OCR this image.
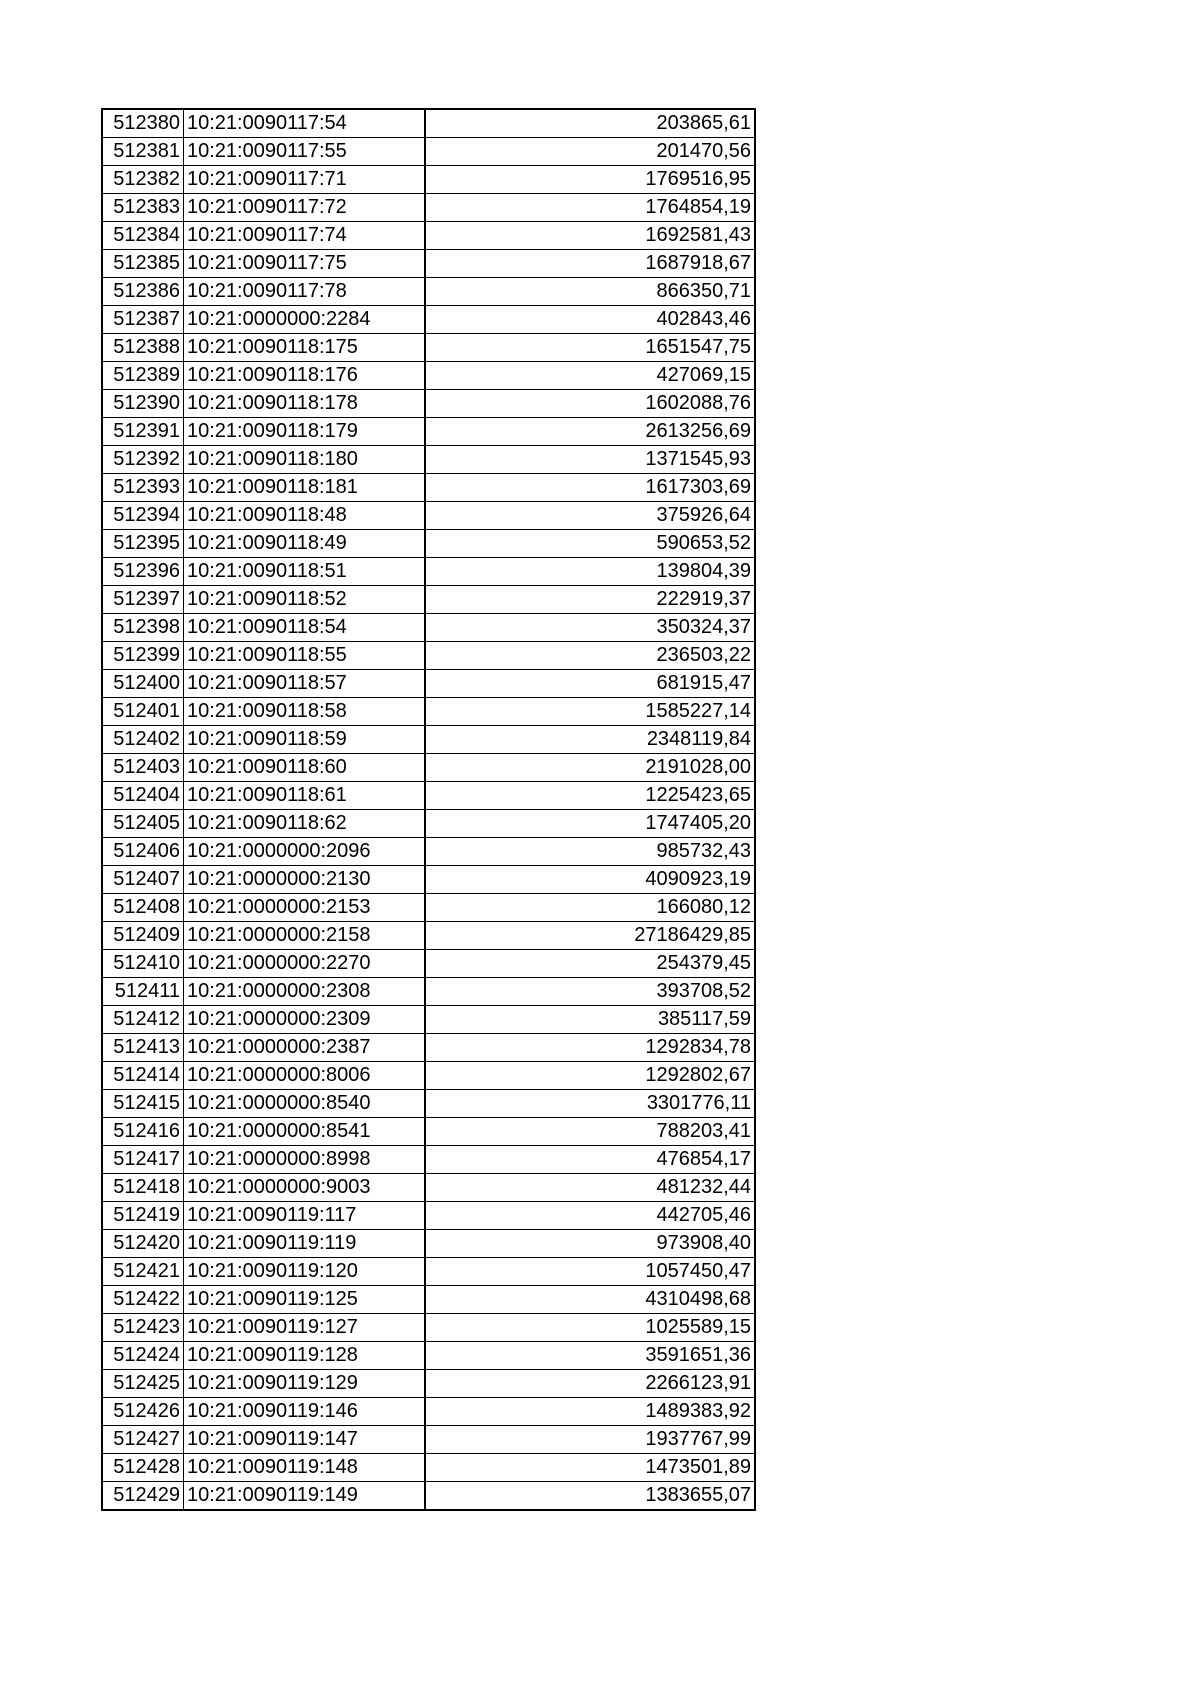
512380	10:21:0090117:54	203865,61
512381	10:21:0090117:55	201470,56
512382	10:21:0090117:71	1769516,95
512383	10:21:0090117:72	1764854,19
512384	10:21:0090117:74	1692581,43
512385	10:21:0090117:75	1687918,67
512386	10:21:0090117:78	866350,71
512387	10:21:0000000:2284	402843,46
512388	10:21:0090118:175	1651547,75
512389	10:21:0090118:176	427069,15
512390	10:21:0090118:178	1602088,76
512391	10:21:0090118:179	2613256,69
512392	10:21:0090118:180	1371545,93
512393	10:21:0090118:181	1617303,69
512394	10:21:0090118:48	375926,64
512395	10:21:0090118:49	590653,52
512396	10:21:0090118:51	139804,39
512397	10:21:0090118:52	222919,37
512398	10:21:0090118:54	350324,37
512399	10:21:0090118:55	236503,22
512400	10:21:0090118:57	681915,47
512401	10:21:0090118:58	1585227,14
512402	10:21:0090118:59	2348119,84
512403	10:21:0090118:60	2191028,00
512404	10:21:0090118:61	1225423,65
512405	10:21:0090118:62	1747405,20
512406	10:21:0000000:2096	985732,43
512407	10:21:0000000:2130	4090923,19
512408	10:21:0000000:2153	166080,12
512409	10:21:0000000:2158	27186429,85
512410	10:21:0000000:2270	254379,45
512411	10:21:0000000:2308	393708,52
512412	10:21:0000000:2309	385117,59
512413	10:21:0000000:2387	1292834,78
512414	10:21:0000000:8006	1292802,67
512415	10:21:0000000:8540	3301776,11
512416	10:21:0000000:8541	788203,41
512417	10:21:0000000:8998	476854,17
512418	10:21:0000000:9003	481232,44
512419	10:21:0090119:117	442705,46
512420	10:21:0090119:119	973908,40
512421	10:21:0090119:120	1057450,47
512422	10:21:0090119:125	4310498,68
512423	10:21:0090119:127	1025589,15
512424	10:21:0090119:128	3591651,36
512425	10:21:0090119:129	2266123,91
512426	10:21:0090119:146	1489383,92
512427	10:21:0090119:147	1937767,99
512428	10:21:0090119:148	1473501,89
512429	10:21:0090119:149	1383655,07
